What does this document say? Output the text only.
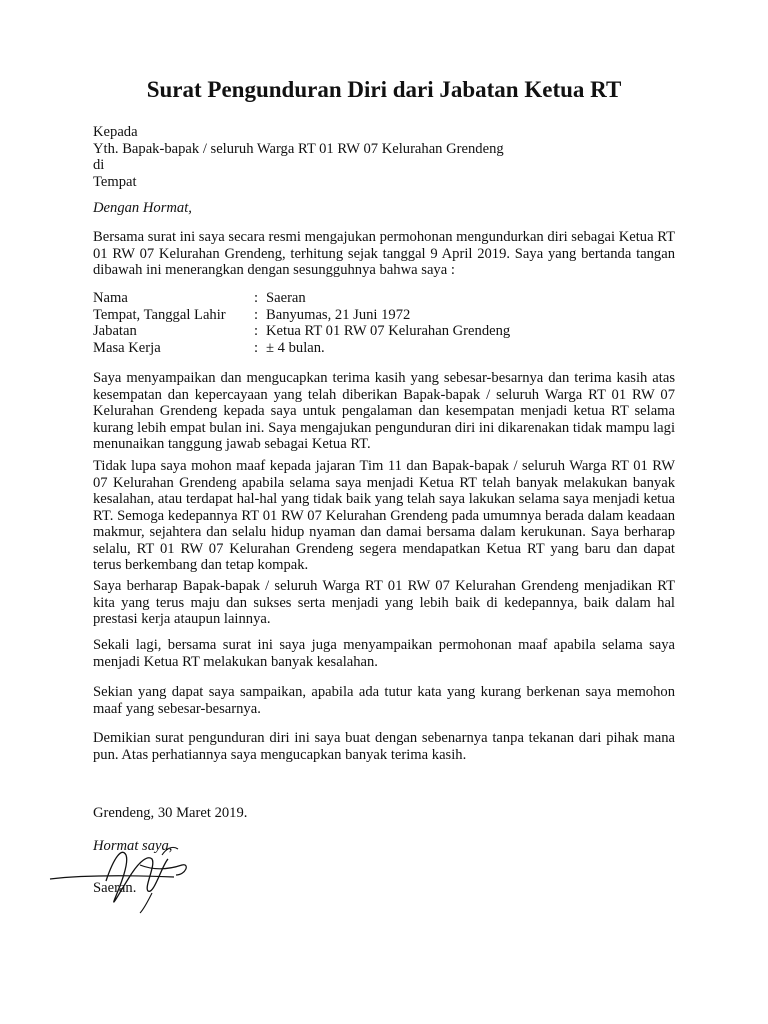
Surat Pengunduran Diri dari Jabatan Ketua RT

Kepada

Yth. Bapak-bapak / seluruh Warga RT 01 RW 07 Kelurahan Grendeng

di

Tempat

Dengan Hormat,

Bersama surat ini saya secara resmi mengajukan permohonan mengundurkan diri sebagai Ketua RT 01 RW 07 Kelurahan Grendeng, terhitung sejak tanggal 9 April 2019. Saya yang bertanda tangan dibawah ini menerangkan dengan sesungguhnya bahwa saya :

Nama	: Saeran
Tempat, Tanggal Lahir	: Banyumas, 21 Juni 1972
Jabatan	: Ketua RT 01 RW 07 Kelurahan Grendeng
Masa Kerja	: ± 4 bulan.

Saya menyampaikan dan mengucapkan terima kasih yang sebesar-besarnya dan terima kasih atas kesempatan dan kepercayaan yang telah diberikan Bapak-bapak / seluruh Warga RT 01 RW 07 Kelurahan Grendeng kepada saya untuk pengalaman dan kesempatan menjadi ketua RT selama kurang lebih empat bulan ini. Saya mengajukan pengunduran diri ini dikarenakan tidak mampu lagi menunaikan tanggung jawab sebagai Ketua RT.

Tidak lupa saya mohon maaf kepada jajaran Tim 11 dan Bapak-bapak / seluruh Warga RT 01 RW 07 Kelurahan Grendeng apabila selama saya menjadi Ketua RT telah banyak melakukan banyak kesalahan, atau terdapat hal-hal yang tidak baik yang telah saya lakukan selama saya menjadi ketua RT. Semoga kedepannya RT 01 RW 07 Kelurahan Grendeng pada umumnya berada dalam keadaan makmur, sejahtera dan selalu hidup nyaman dan damai bersama dalam kerukunan. Saya berharap selalu, RT 01 RW 07 Kelurahan Grendeng segera mendapatkan Ketua RT yang baru dan dapat terus berkembang dan tetap kompak.

Saya berharap Bapak-bapak / seluruh Warga RT 01 RW 07 Kelurahan Grendeng menjadikan RT kita yang terus maju dan sukses serta menjadi yang lebih baik di kedepannya, baik dalam hal prestasi kerja ataupun lainnya.

Sekali lagi, bersama surat ini saya juga menyampaikan permohonan maaf apabila selama saya menjadi Ketua RT melakukan banyak kesalahan.

Sekian yang dapat saya sampaikan, apabila ada tutur kata yang kurang berkenan saya memohon maaf yang sebesar-besarnya.

Demikian surat pengunduran diri ini saya buat dengan sebenarnya tanpa tekanan dari pihak mana pun. Atas perhatiannya saya mengucapkan banyak terima kasih.

Grendeng, 30 Maret 2019.

Hormat saya,

Saeran.
